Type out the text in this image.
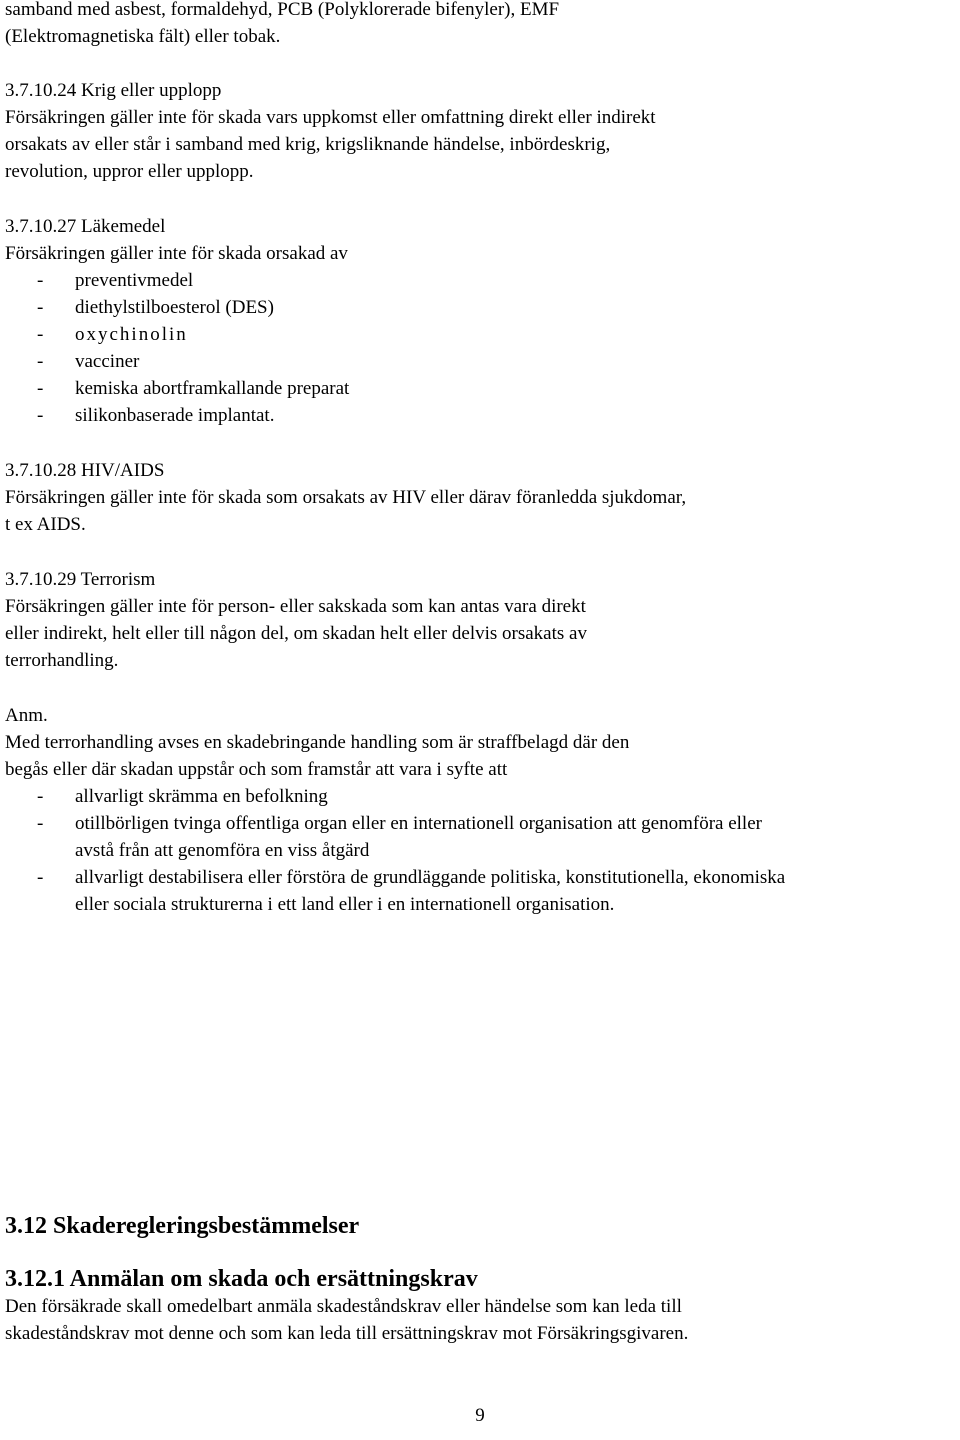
samband med asbest, formaldehyd, PCB (Polyklorerade bifenyler), EMF
(Elektromagnetiska fält) eller tobak.
3.7.10.24 Krig eller upplopp
Försäkringen gäller inte för skada vars uppkomst eller omfattning direkt eller indirekt
orsakats av eller står i samband med krig, krigsliknande händelse, inbördeskrig,
revolution, uppror eller upplopp.
3.7.10.27 Läkemedel
Försäkringen gäller inte för skada orsakad av
- preventivmedel
- diethylstilboesterol (DES)
- oxychinolin
- vacciner
- kemiska abortframkallande preparat
- silikonbaserade implantat.
3.7.10.28 HIV/AIDS
Försäkringen gäller inte för skada som orsakats av HIV eller därav föranledda sjukdomar,
t ex AIDS.
3.7.10.29 Terrorism
Försäkringen gäller inte för person- eller sakskada som kan antas vara direkt
eller indirekt, helt eller till någon del, om skadan helt eller delvis orsakats av
terrorhandling.
Anm.
Med terrorhandling avses en skadebringande handling som är straffbelagd där den
begås eller där skadan uppstår och som framstår att vara i syfte att
- allvarligt skrämma en befolkning
- otillbörligen tvinga offentliga organ eller en internationell organisation att genomföra eller
avstå från att genomföra en viss åtgärd
- allvarligt destabilisera eller förstöra de grundläggande politiska, konstitutionella, ekonomiska
eller sociala strukturerna i ett land eller i en internationell organisation.
3.12 Skaderegleringsbestämmelser
3.12.1 Anmälan om skada och ersättningskrav
Den försäkrade skall omedelbart anmäla skadeståndskrav eller händelse som kan leda till
skadeståndskrav mot denne och som kan leda till ersättningskrav mot Försäkringsgivaren.
9
